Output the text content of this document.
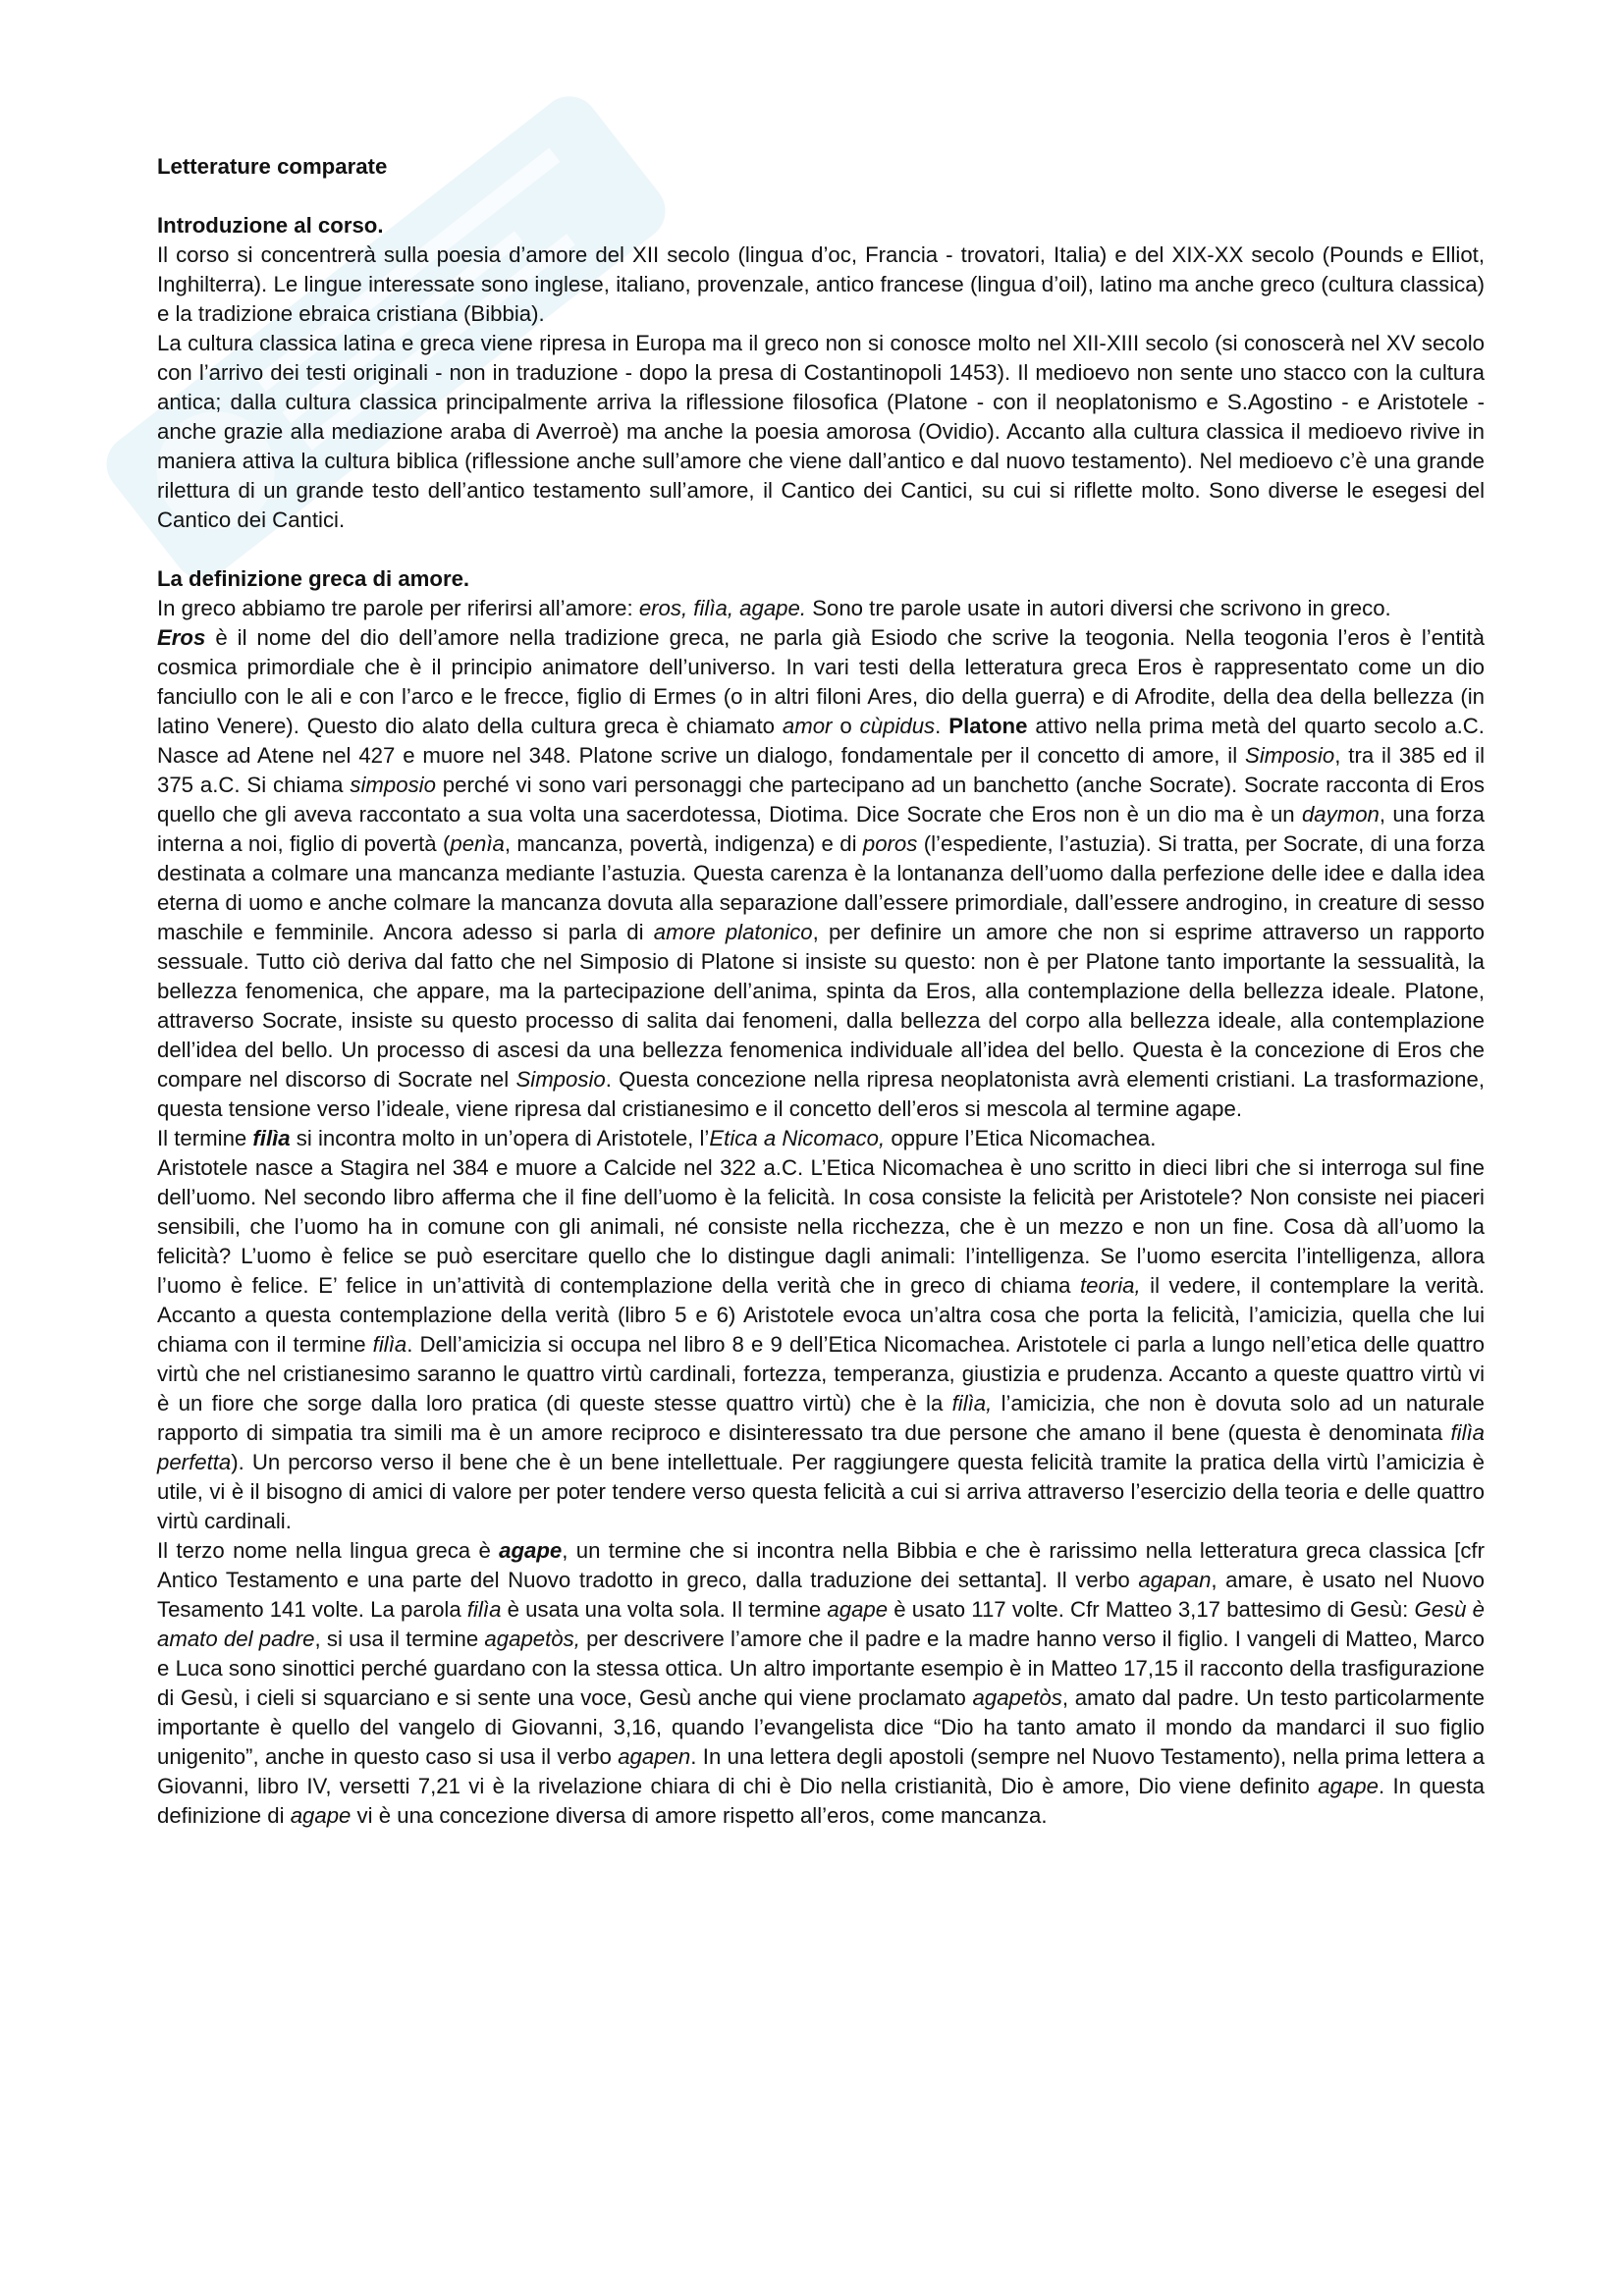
Letterature comparate
Introduzione al corso.

Il corso si concentrerà sulla poesia d’amore del XII secolo (lingua d’oc, Francia - trovatori, Italia) e del XIX-XX secolo (Pounds e Elliot, Inghilterra). Le lingue interessate sono inglese, italiano, provenzale, antico francese (lingua d’oil), latino ma anche greco (cultura classica) e la tradizione ebraica cristiana (Bibbia).

La cultura classica latina e greca viene ripresa in Europa ma il greco non si conosce molto nel XII-XIII secolo (si conoscerà nel XV secolo con l’arrivo dei testi originali - non in traduzione - dopo la presa di Costantinopoli 1453). Il medioevo non sente uno stacco con la cultura antica; dalla cultura classica principalmente arriva la riflessione filosofica (Platone - con il neoplatonismo e S.Agostino - e Aristotele - anche grazie alla mediazione araba di Averroè) ma anche la poesia amorosa (Ovidio). Accanto alla cultura classica il medioevo rivive in maniera attiva la cultura biblica (riflessione anche sull’amore che viene dall’antico e dal nuovo testamento). Nel medioevo c’è una grande rilettura di un grande testo dell’antico testamento sull’amore, il Cantico dei Cantici, su cui si riflette molto. Sono diverse le esegesi del Cantico dei Cantici.

La definizione greca di amore.

In greco abbiamo tre parole per riferirsi all’amore: eros, filìa, agape. Sono tre parole usate in autori diversi che scrivono in greco.

Eros è il nome del dio dell’amore nella tradizione greca, ne parla già Esiodo che scrive la teogonia. Nella teogonia l’eros è l’entità cosmica primordiale che è il principio animatore dell’universo. In vari testi della letteratura greca Eros è rappresentato come un dio fanciullo con le ali e con l’arco e le frecce, figlio di Ermes (o in altri filoni Ares, dio della guerra) e di Afrodite, della dea della bellezza (in latino Venere). Questo dio alato della cultura greca è chiamato amor o cùpidus. Platone attivo nella prima metà del quarto secolo a.C. Nasce ad Atene nel 427 e muore nel 348. Platone scrive un dialogo, fondamentale per il concetto di amore, il Simposio, tra il 385 ed il 375 a.C. Si chiama simposio perché vi sono vari personaggi che partecipano ad un banchetto (anche Socrate). Socrate racconta di Eros quello che gli aveva raccontato a sua volta una sacerdotessa, Diotima. Dice Socrate che Eros non è un dio ma è un daymon, una forza interna a noi, figlio di povertà (penìa, mancanza, povertà, indigenza) e di poros (l’espediente, l’astuzia). Si tratta, per Socrate, di una forza destinata a colmare una mancanza mediante l’astuzia. Questa carenza è la lontananza dell’uomo dalla perfezione delle idee e dalla idea eterna di uomo e anche colmare la mancanza dovuta alla separazione dall’essere primordiale, dall’essere androgino, in creature di sesso maschile e femminile. Ancora adesso si parla di amore platonico, per definire un amore che non si esprime attraverso un rapporto sessuale. Tutto ciò deriva dal fatto che nel Simposio di Platone si insiste su questo: non è per Platone tanto importante la sessualità, la bellezza fenomenica, che appare, ma la partecipazione dell’anima, spinta da Eros, alla contemplazione della bellezza ideale. Platone, attraverso Socrate, insiste su questo processo di salita dai fenomeni, dalla bellezza del corpo alla bellezza ideale, alla contemplazione dell’idea del bello. Un processo di ascesi da una bellezza fenomenica individuale all’idea del bello. Questa è la concezione di Eros che compare nel discorso di Socrate nel Simposio. Questa concezione nella ripresa neoplatonista avrà elementi cristiani. La trasformazione, questa tensione verso l’ideale, viene ripresa dal cristianesimo e il concetto dell’eros si mescola al termine agape.

Il termine filìa si incontra molto in un’opera di Aristotele, l’Etica a Nicomaco, oppure l’Etica Nicomachea.

Aristotele nasce a Stagira nel 384 e muore a Calcide nel 322 a.C. L’Etica Nicomachea è uno scritto in dieci libri che si interroga sul fine dell’uomo. Nel secondo libro afferma che il fine dell’uomo è la felicità. In cosa consiste la felicità per Aristotele? Non consiste nei piaceri sensibili, che l’uomo ha in comune con gli animali, né consiste nella ricchezza, che è un mezzo e non un fine. Cosa dà all’uomo la felicità? L’uomo è felice se può esercitare quello che lo distingue dagli animali: l’intelligenza. Se l’uomo esercita l’intelligenza, allora l’uomo è felice. E’ felice in un’attività di contemplazione della verità che in greco di chiama teoria, il vedere, il contemplare la verità. Accanto a questa contemplazione della verità (libro 5 e 6) Aristotele evoca un’altra cosa che porta la felicità, l’amicizia, quella che lui chiama con il termine filìa. Dell’amicizia si occupa nel libro 8 e 9 dell’Etica Nicomachea. Aristotele ci parla a lungo nell’etica delle quattro virtù che nel cristianesimo saranno le quattro virtù cardinali, fortezza, temperanza, giustizia e prudenza. Accanto a queste quattro virtù vi è un fiore che sorge dalla loro pratica (di queste stesse quattro virtù) che è la filìa, l’amicizia, che non è dovuta solo ad un naturale rapporto di simpatia tra simili ma è un amore reciproco e disinteressato tra due persone che amano il bene (questa è denominata filìa perfetta). Un percorso verso il bene che è un bene intellettuale. Per raggiungere questa felicità tramite la pratica della virtù l’amicizia è utile, vi è il bisogno di amici di valore per poter tendere verso questa felicità a cui si arriva attraverso l’esercizio della teoria e delle quattro virtù cardinali.

Il terzo nome nella lingua greca è agape, un termine che si incontra nella Bibbia e che è rarissimo nella letteratura greca classica [cfr Antico Testamento e una parte del Nuovo tradotto in greco, dalla traduzione dei settanta]. Il verbo agapan, amare, è usato nel Nuovo Tesamento 141 volte. La parola filìa è usata una volta sola. Il termine agape è usato 117 volte. Cfr Matteo 3,17 battesimo di Gesù: Gesù è amato del padre, si usa il termine agapetòs, per descrivere l’amore che il padre e la madre hanno verso il figlio. I vangeli di Matteo, Marco e Luca sono sinottici perché guardano con la stessa ottica. Un altro importante esempio è in Matteo 17,15 il racconto della trasfigurazione di Gesù, i cieli si squarciano e si sente una voce, Gesù anche qui viene proclamato agapetòs, amato dal padre. Un testo particolarmente importante è quello del vangelo di Giovanni, 3,16, quando l’evangelista dice “Dio ha tanto amato il mondo da mandarci il suo figlio unigenito”, anche in questo caso si usa il verbo agapen. In una lettera degli apostoli (sempre nel Nuovo Testamento), nella prima lettera a Giovanni, libro IV, versetti 7,21 vi è la rivelazione chiara di chi è Dio nella cristianità, Dio è amore, Dio viene definito agape. In questa definizione di agape vi è una concezione diversa di amore rispetto all’eros, come mancanza.
